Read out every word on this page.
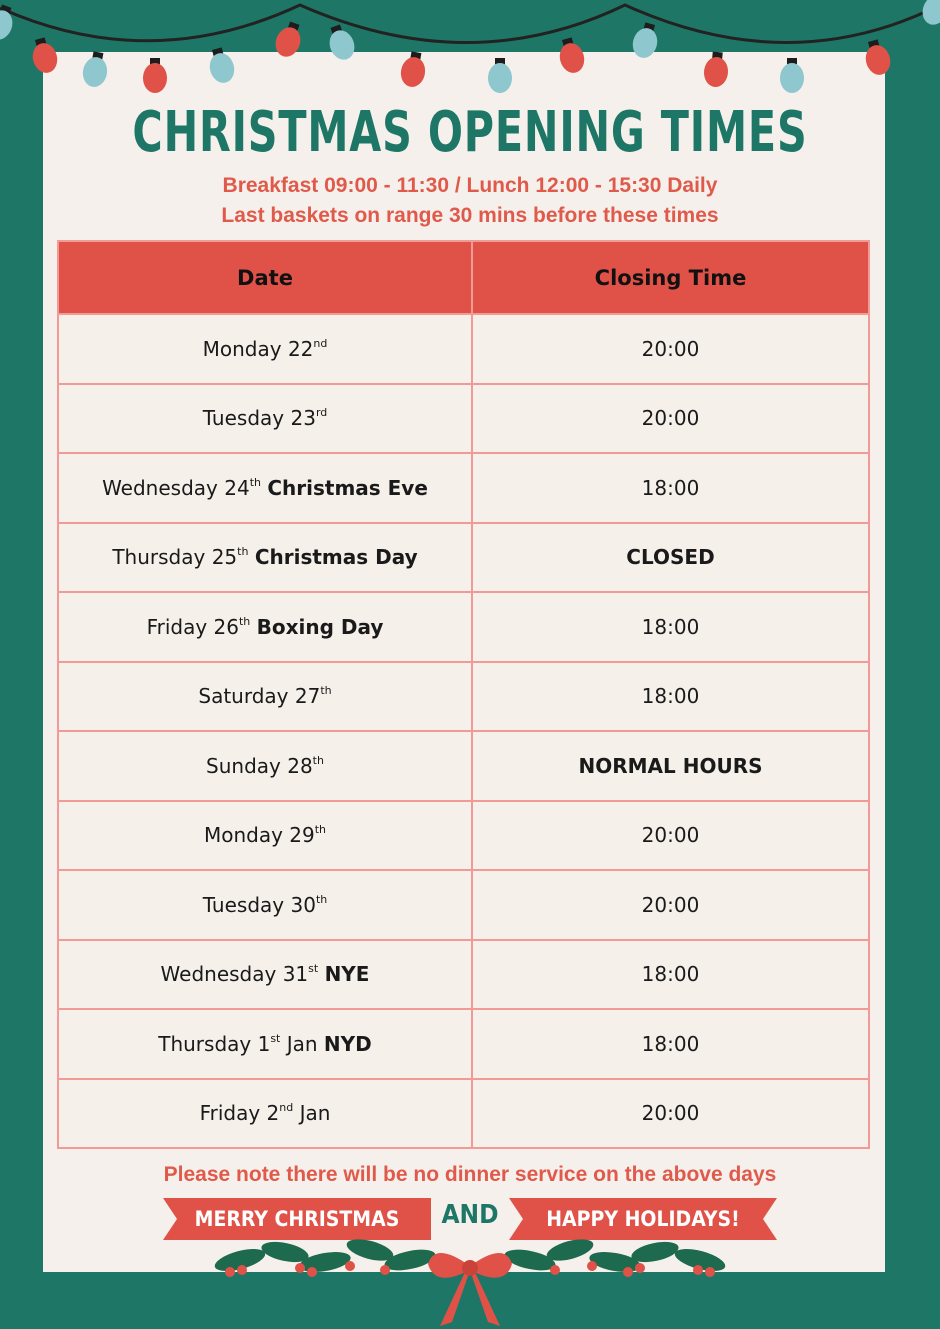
CHRISTMAS OPENING TIMES
Breakfast 09:00 - 11:30 / Lunch 12:00 - 15:30 Daily
Last baskets on range 30 mins before these times
Date	Closing Time
Monday 22nd	20:00
Tuesday 23rd	20:00
Wednesday 24th Christmas Eve	18:00
Thursday 25th Christmas Day	CLOSED
Friday 26th Boxing Day	18:00
Saturday 27th	18:00
Sunday 28th	NORMAL HOURS
Monday 29th	20:00
Tuesday 30th	20:00
Wednesday 31st NYE	18:00
Thursday 1st Jan NYD	18:00
Friday 2nd Jan	20:00
Please note there will be no dinner service on the above days
MERRY CHRISTMAS	AND	HAPPY HOLIDAYS!
